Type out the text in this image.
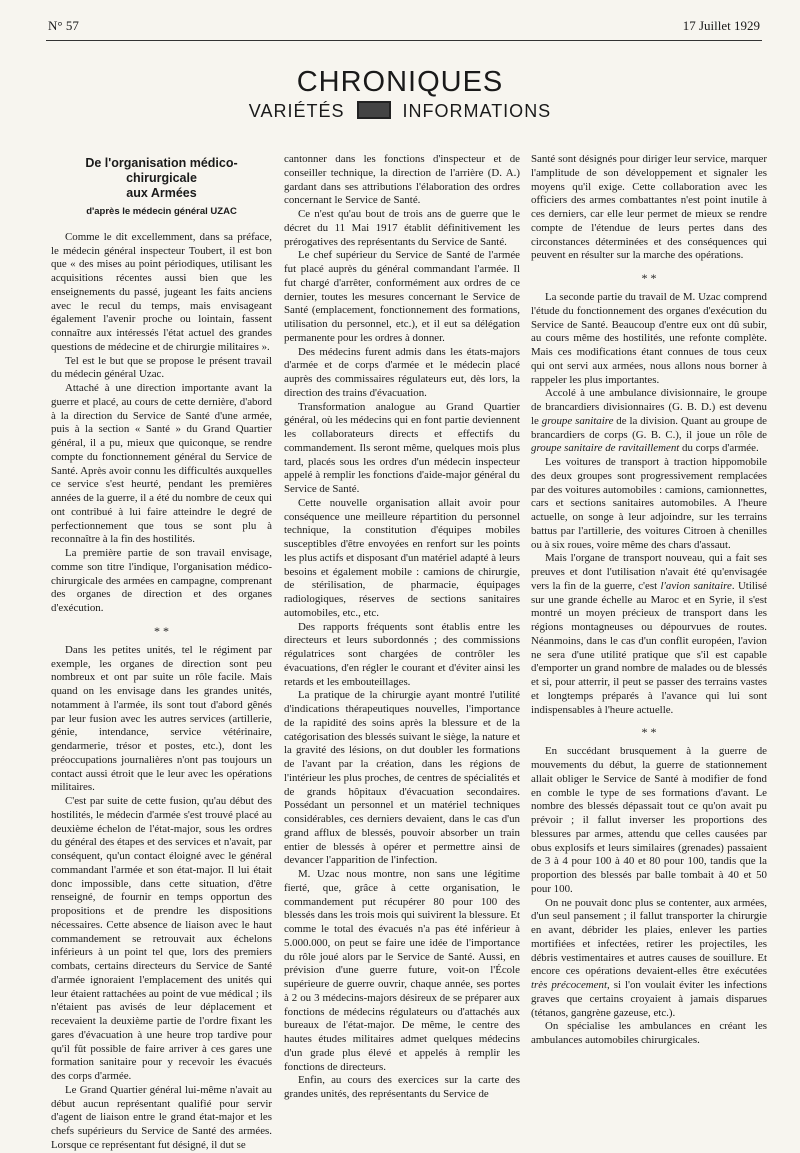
N° 57	17 Juillet 1929
CHRONIQUES
VARIÉTÉS	INFORMATIONS
De l'organisation médico-chirurgicale
aux Armées
d'après le médecin général UZAC

Comme le dit excellemment, dans sa préface, le médecin général inspecteur Toubert, il est bon que « des mises au point périodiques, utilisant les acquisitions récentes aussi bien que les enseignements du passé, jugeant les faits anciens avec le recul du temps, mais envisageant également l'avenir proche ou lointain, fassent connaître aux intéressés l'état actuel des grandes questions de médecine et de chirurgie militaires ».

Tel est le but que se propose le présent travail du médecin général Uzac.

Attaché à une direction importante avant la guerre et placé, au cours de cette dernière, d'abord à la direction du Service de Santé d'une armée, puis à la section « Santé » du Grand Quartier général, il a pu, mieux que quiconque, se rendre compte du fonctionnement général du Service de Santé. Après avoir connu les difficultés auxquelles ce service s'est heurté, pendant les premières années de la guerre, il a été du nombre de ceux qui ont contribué à lui faire atteindre le degré de perfectionnement que tous se sont plu à reconnaître à la fin des hostilités.

La première partie de son travail envisage, comme son titre l'indique, l'organisation médico-chirurgicale des armées en campagne, comprenant des organes de direction et des organes d'exécution.

* *

Dans les petites unités, tel le régiment par exemple, les organes de direction sont peu nombreux et ont par suite un rôle facile. Mais quand on les envisage dans les grandes unités, notamment à l'armée, ils sont tout d'abord gênés par leur fusion avec les autres services (artillerie, génie, intendance, service vétérinaire, gendarmerie, trésor et postes, etc.), dont les préoccupations journalières n'ont pas toujours un contact aussi étroit que le leur avec les opérations militaires.

C'est par suite de cette fusion, qu'au début des hostilités, le médecin d'armée s'est trouvé placé au deuxième échelon de l'état-major, sous les ordres du général des étapes et des services et n'avait, par conséquent, qu'un contact éloigné avec le général commandant l'armée et son état-major. Il lui était donc impossible, dans cette situation, d'être renseigné, de fournir en temps opportun des propositions et de prendre les dispositions nécessaires. Cette absence de liaison avec le haut commandement se retrouvait aux échelons inférieurs à un point tel que, lors des premiers combats, certains directeurs du Service de Santé d'armée ignoraient l'emplacement des unités qui leur étaient rattachées au point de vue médical ; ils n'étaient pas avisés de leur déplacement et recevaient la deuxième partie de l'ordre fixant les gares d'évacuation à une heure trop tardive pour qu'il fût possible de faire arriver à ces gares une formation sanitaire pour y recevoir les évacués des corps d'armée.

Le Grand Quartier général lui-même n'avait au début aucun représentant qualifié pour servir d'agent de liaison entre le grand état-major et les chefs supérieurs du Service de Santé des armées. Lorsque ce représentant fut désigné, il dut se

cantonner dans les fonctions d'inspecteur et de conseiller technique, la direction de l'arrière (D. A.) gardant dans ses attributions l'élaboration des ordres concernant le Service de Santé.

Ce n'est qu'au bout de trois ans de guerre que le décret du 11 Mai 1917 établit définitivement les prérogatives des représentants du Service de Santé.

Le chef supérieur du Service de Santé de l'armée fut placé auprès du général commandant l'armée. Il fut chargé d'arrêter, conformément aux ordres de ce dernier, toutes les mesures concernant le Service de Santé (emplacement, fonctionnement des formations, utilisation du personnel, etc.), et il eut sa délégation permanente pour les ordres à donner.

Des médecins furent admis dans les états-majors d'armée et de corps d'armée et le médecin placé auprès des commissaires régulateurs eut, dès lors, la direction des trains d'évacuation.

Transformation analogue au Grand Quartier général, où les médecins qui en font partie deviennent les collaborateurs directs et effectifs du commandement. Ils seront même, quelques mois plus tard, placés sous les ordres d'un médecin inspecteur appelé à remplir les fonctions d'aide-major général du Service de Santé.

Cette nouvelle organisation allait avoir pour conséquence une meilleure répartition du personnel technique, la constitution d'équipes mobiles susceptibles d'être envoyées en renfort sur les points les plus actifs et disposant d'un matériel adapté à leurs besoins et également mobile : camions de chirurgie, de stérilisation, de pharmacie, équipages radiologiques, réserves de sections sanitaires automobiles, etc., etc.

Des rapports fréquents sont établis entre les directeurs et leurs subordonnés ; des commissions régulatrices sont chargées de contrôler les évacuations, d'en régler le courant et d'éviter ainsi les retards et les embouteillages.

La pratique de la chirurgie ayant montré l'utilité d'indications thérapeutiques nouvelles, l'importance de la rapidité des soins après la blessure et de la catégorisation des blessés suivant le siège, la nature et la gravité des lésions, on dut doubler les formations de l'avant par la création, dans les régions de l'intérieur les plus proches, de centres de spécialités et de grands hôpitaux d'évacuation secondaires. Possédant un personnel et un matériel techniques considérables, ces derniers devaient, dans le cas d'un grand afflux de blessés, pouvoir absorber un train entier de blessés à opérer et permettre ainsi de devancer l'apparition de l'infection.

M. Uzac nous montre, non sans une légitime fierté, que, grâce à cette organisation, le commandement put récupérer 80 pour 100 des blessés dans les trois mois qui suivirent la blessure. Et comme le total des évacués n'a pas été inférieur à 5.000.000, on peut se faire une idée de l'importance du rôle joué alors par le Service de Santé. Aussi, en prévision d'une guerre future, voit-on l'École supérieure de guerre ouvrir, chaque année, ses portes à 2 ou 3 médecins-majors désireux de se préparer aux fonctions de médecins régulateurs ou d'attachés aux bureaux de l'état-major. De même, le centre des hautes études militaires admet quelques médecins d'un grade plus élevé et appelés à remplir les fonctions de directeurs.

Enfin, au cours des exercices sur la carte des grandes unités, des représentants du Service de

Santé sont désignés pour diriger leur service, marquer l'amplitude de son développement et signaler les moyens qu'il exige. Cette collaboration avec les officiers des armes combattantes n'est point inutile à ces derniers, car elle leur permet de mieux se rendre compte de l'étendue de leurs pertes dans des circonstances déterminées et des conséquences qui peuvent en résulter sur la marche des opérations.

* *

La seconde partie du travail de M. Uzac comprend l'étude du fonctionnement des organes d'exécution du Service de Santé. Beaucoup d'entre eux ont dû subir, au cours même des hostilités, une refonte complète. Mais ces modifications étant connues de tous ceux qui ont servi aux armées, nous allons nous borner à rappeler les plus importantes.

Accolé à une ambulance divisionnaire, le groupe de brancardiers divisionnaires (G. B. D.) est devenu le groupe sanitaire de la division. Quant au groupe de brancardiers de corps (G. B. C.), il joue un rôle de groupe sanitaire de ravitaillement du corps d'armée.

Les voitures de transport à traction hippomobile des deux groupes sont progressivement remplacées par des voitures automobiles : camions, camionnettes, cars et sections sanitaires automobiles. A l'heure actuelle, on songe à leur adjoindre, sur les terrains battus par l'artillerie, des voitures Citroen à chenilles ou à six roues, voire même des chars d'assaut.

Mais l'organe de transport nouveau, qui a fait ses preuves et dont l'utilisation n'avait été qu'envisagée vers la fin de la guerre, c'est l'avion sanitaire. Utilisé sur une grande échelle au Maroc et en Syrie, il s'est montré un moyen précieux de transport dans les régions montagneuses ou dépourvues de routes. Néanmoins, dans le cas d'un conflit européen, l'avion ne sera d'une utilité pratique que s'il est capable d'emporter un grand nombre de malades ou de blessés et si, pour atterrir, il peut se passer des terrains vastes et longtemps préparés à l'avance qui lui sont indispensables à l'heure actuelle.

* *

En succédant brusquement à la guerre de mouvements du début, la guerre de stationnement allait obliger le Service de Santé à modifier de fond en comble le type de ses formations d'avant. Le nombre des blessés dépassait tout ce qu'on avait pu prévoir ; il fallut inverser les proportions des blessures par armes, attendu que celles causées par obus explosifs et leurs similaires (grenades) passaient de 3 à 4 pour 100 à 40 et 80 pour 100, tandis que la proportion des blessés par balle tombait à 40 et 50 pour 100.

On ne pouvait donc plus se contenter, aux armées, d'un seul pansement ; il fallut transporter la chirurgie en avant, débrider les plaies, enlever les parties mortifiées et infectées, retirer les projectiles, les débris vestimentaires et autres causes de souillure. Et encore ces opérations devaient-elles être exécutées très précocement, si l'on voulait éviter les infections graves que certains croyaient à jamais disparues (tétanos, gangrène gazeuse, etc.).

On spécialise les ambulances en créant les ambulances automobiles chirurgicales.
